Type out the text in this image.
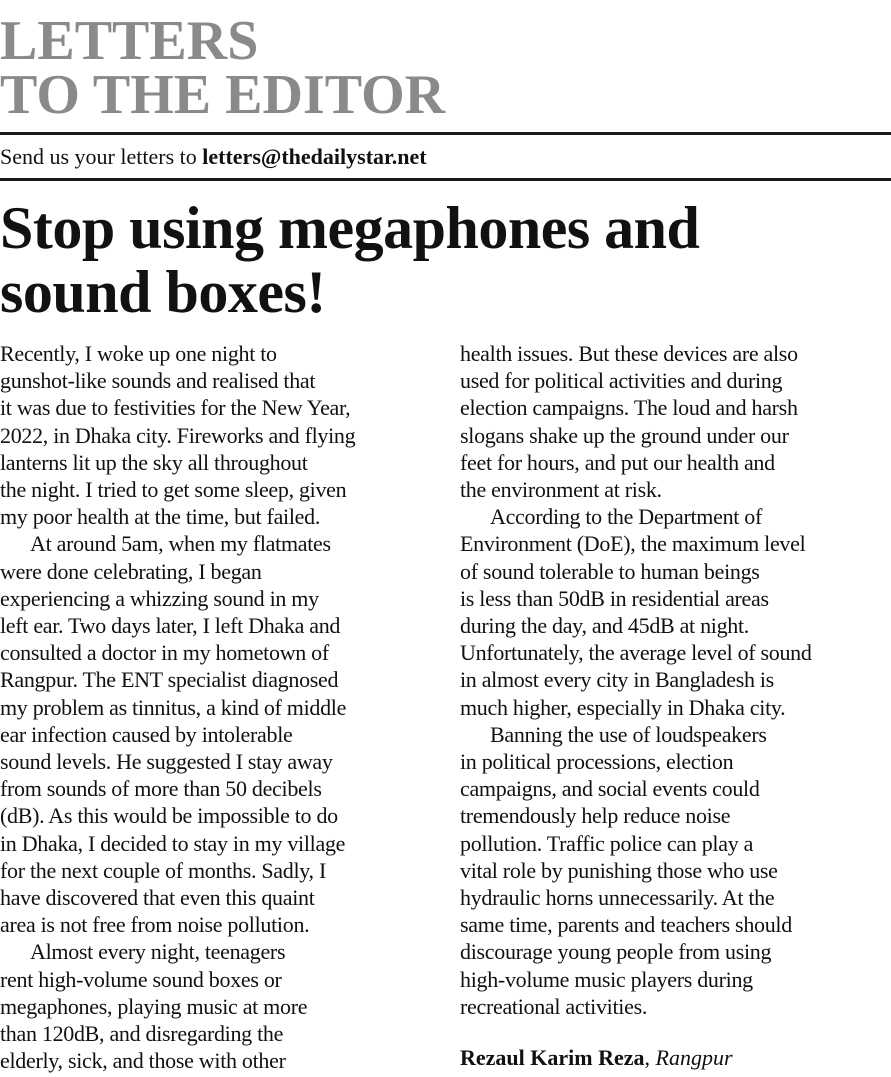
LETTERS
TO THE EDITOR
Send us your letters to letters@thedailystar.net
Stop using megaphones and
sound boxes!
Recently, I woke up one night to
gunshot-like sounds and realised that
it was due to festivities for the New Year,
2022, in Dhaka city. Fireworks and flying
lanterns lit up the sky all throughout
the night. I tried to get some sleep, given
my poor health at the time, but failed.
At around 5am, when my flatmates
were done celebrating, I began
experiencing a whizzing sound in my
left ear. Two days later, I left Dhaka and
consulted a doctor in my hometown of
Rangpur. The ENT specialist diagnosed
my problem as tinnitus, a kind of middle
ear infection caused by intolerable
sound levels. He suggested I stay away
from sounds of more than 50 decibels
(dB). As this would be impossible to do
in Dhaka, I decided to stay in my village
for the next couple of months. Sadly, I
have discovered that even this quaint
area is not free from noise pollution.
Almost every night, teenagers
rent high-volume sound boxes or
megaphones, playing music at more
than 120dB, and disregarding the
elderly, sick, and those with other
health issues. But these devices are also
used for political activities and during
election campaigns. The loud and harsh
slogans shake up the ground under our
feet for hours, and put our health and
the environment at risk.
According to the Department of
Environment (DoE), the maximum level
of sound tolerable to human beings
is less than 50dB in residential areas
during the day, and 45dB at night.
Unfortunately, the average level of sound
in almost every city in Bangladesh is
much higher, especially in Dhaka city.
Banning the use of loudspeakers
in political processions, election
campaigns, and social events could
tremendously help reduce noise
pollution. Traffic police can play a
vital role by punishing those who use
hydraulic horns unnecessarily. At the
same time, parents and teachers should
discourage young people from using
high-volume music players during
recreational activities.
Rezaul Karim Reza, Rangpur
